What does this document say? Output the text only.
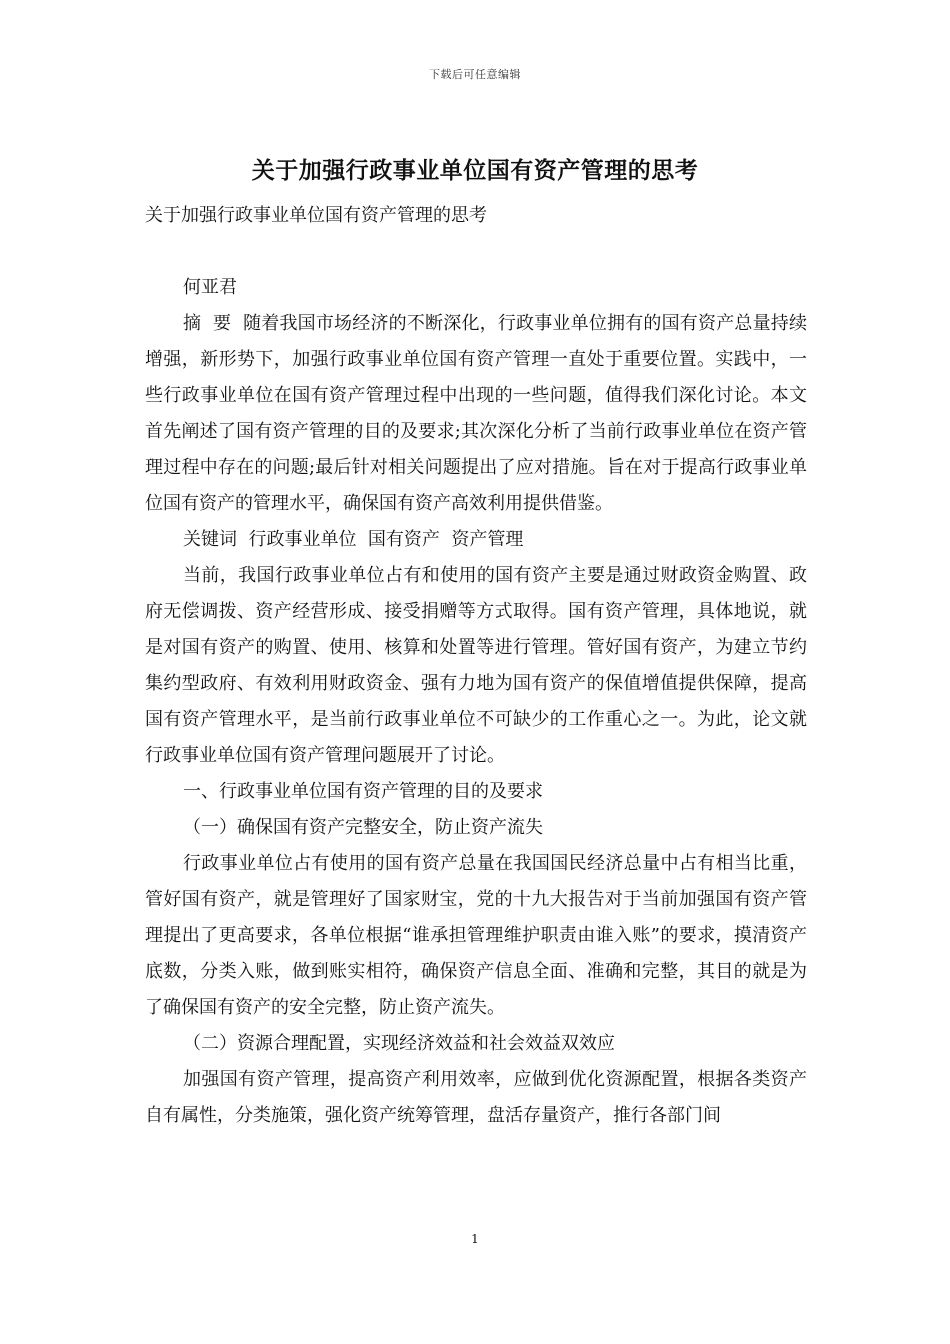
下载后可任意编辑
关于加强行政事业单位国有资产管理的思考

关于加强行政事业单位国有资产管理的思考

何亚君

摘  要  随着我国市场经济的不断深化，行政事业单位拥有的国有资产总量持续增强，新形势下，加强行政事业单位国有资产管理一直处于重要位置。实践中，一些行政事业单位在国有资产管理过程中出现的一些问题，值得我们深化讨论。本文首先阐述了国有资产管理的目的及要求;其次深化分析了当前行政事业单位在资产管理过程中存在的问题;最后针对相关问题提出了应对措施。旨在对于提高行政事业单位国有资产的管理水平，确保国有资产高效利用提供借鉴。

关键词  行政事业单位  国有资产  资产管理

当前，我国行政事业单位占有和使用的国有资产主要是通过财政资金购置、政府无偿调拨、资产经营形成、接受捐赠等方式取得。国有资产管理，具体地说，就是对国有资产的购置、使用、核算和处置等进行管理。管好国有资产，为建立节约集约型政府、有效利用财政资金、强有力地为国有资产的保值增值提供保障，提高国有资产管理水平，是当前行政事业单位不可缺少的工作重心之一。为此，论文就行政事业单位国有资产管理问题展开了讨论。

一、行政事业单位国有资产管理的目的及要求

（一）确保国有资产完整安全，防止资产流失

行政事业单位占有使用的国有资产总量在我国国民经济总量中占有相当比重，管好国有资产，就是管理好了国家财宝，党的十九大报告对于当前加强国有资产管理提出了更高要求，各单位根据“谁承担管理维护职责由谁入账”的要求，摸清资产底数，分类入账，做到账实相符，确保资产信息全面、准确和完整，其目的就是为了确保国有资产的安全完整，防止资产流失。

（二）资源合理配置，实现经济效益和社会效益双效应

加强国有资产管理，提高资产利用效率，应做到优化资源配置，根据各类资产自有属性，分类施策，强化资产统筹管理，盘活存量资产，推行各部门间

1
